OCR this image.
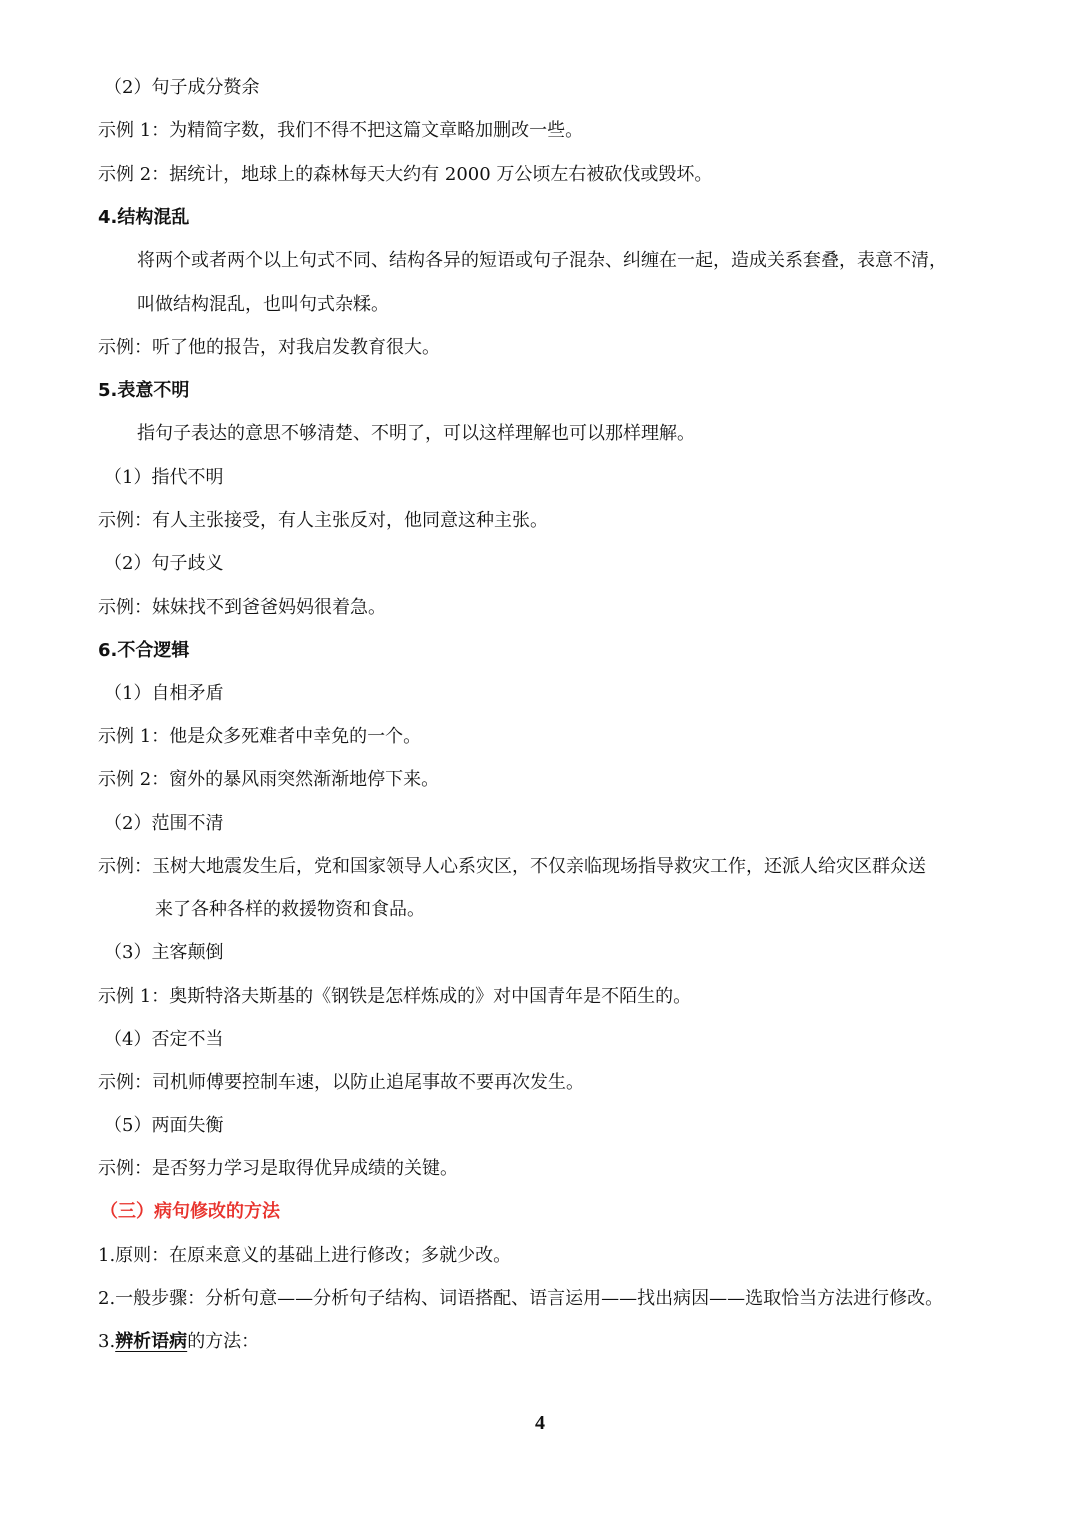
（2）句子成分赘余
示例 1：为精简字数，我们不得不把这篇文章略加删改一些。
示例 2：据统计，地球上的森林每天大约有 2000 万公顷左右被砍伐或毁坏。
4.结构混乱
将两个或者两个以上句式不同、结构各异的短语或句子混杂、纠缠在一起，造成关系套叠，表意不清，
叫做结构混乱，也叫句式杂糅。
示例：听了他的报告，对我启发教育很大。
5.表意不明
指句子表达的意思不够清楚、不明了，可以这样理解也可以那样理解。
（1）指代不明
示例：有人主张接受，有人主张反对，他同意这种主张。
（2）句子歧义
示例：妹妹找不到爸爸妈妈很着急。
6.不合逻辑
（1）自相矛盾
示例 1：他是众多死难者中幸免的一个。
示例 2：窗外的暴风雨突然渐渐地停下来。
（2）范围不清
示例：玉树大地震发生后，党和国家领导人心系灾区，不仅亲临现场指导救灾工作，还派人给灾区群众送
来了各种各样的救援物资和食品。
（3）主客颠倒
示例 1：奥斯特洛夫斯基的《钢铁是怎样炼成的》对中国青年是不陌生的。
（4）否定不当
示例：司机师傅要控制车速，以防止追尾事故不要再次发生。
（5）两面失衡
示例：是否努力学习是取得优异成绩的关键。
（三）病句修改的方法
1.原则：在原来意义的基础上进行修改；多就少改。
2.一般步骤：分析句意——分析句子结构、词语搭配、语言运用——找出病因——选取恰当方法进行修改。
3.辨析语病的方法：
4
